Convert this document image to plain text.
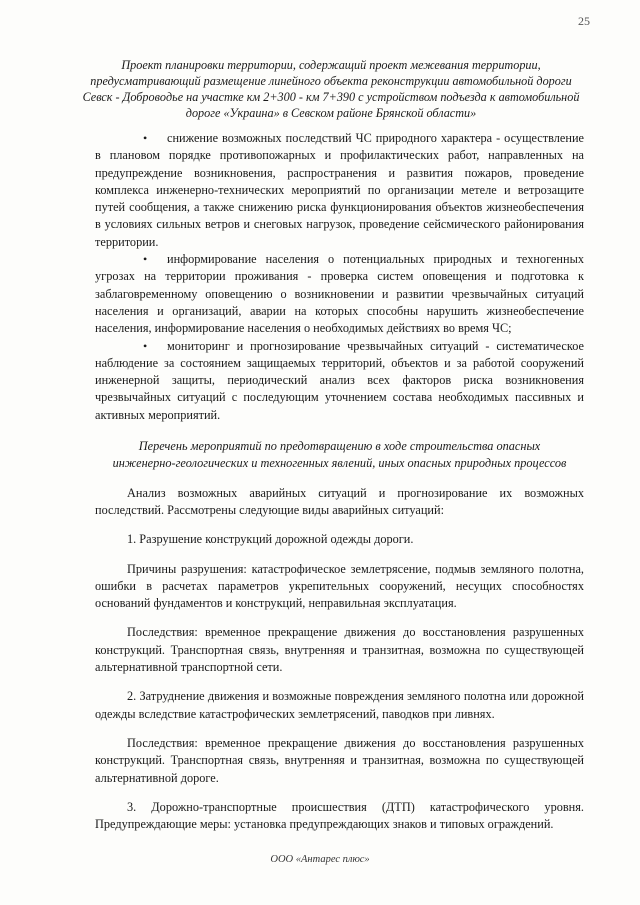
25
Проект планировки территории, содержащий проект межевания территории, предусматривающий размещение линейного объекта реконструкции автомобильной дороги Севск - Добровoдье на участке км 2+300 - км 7+390 с устройством подъезда к автомобильной дороге «Украина» в Севском районе Брянской области»

• снижение возможных последствий ЧС природного характера - осуществление в плановом порядке противопожарных и профилактических работ, направленных на предупреждение возникновения, распространения и развития пожаров, проведение комплекса инженерно-технических мероприятий по организации метеле и ветрозащите путей сообщения, а также снижению риска функционирования объектов жизнеобеспечения в условиях сильных ветров и снеговых нагрузок, проведение сейсмического районирования территории.

• информирование населения о потенциальных природных и техногенных угрозах на территории проживания - проверка систем оповещения и подготовка к заблаговременному оповещению о возникновении и развитии чрезвычайных ситуаций населения и организаций, аварии на которых способны нарушить жизнеобеспечение населения, информирование населения о необходимых действиях во время ЧС;

• мониторинг и прогнозирование чрезвычайных ситуаций - систематическое наблюдение за состоянием защищаемых территорий, объектов и за работой сооружений инженерной защиты, периодический анализ всех факторов риска возникновения чрезвычайных ситуаций с последующим уточнением состава необходимых пассивных и активных мероприятий.

Перечень мероприятий по предотвращению в ходе строительства опасных инженерно-геологических и техногенных явлений, иных опасных природных процессов

Анализ возможных аварийных ситуаций и прогнозирование их возможных последствий. Рассмотрены следующие виды аварийных ситуаций:

1. Разрушение конструкций дорожной одежды дороги.

Причины разрушения: катастрофическое землетрясение, подмыв земляного полотна, ошибки в расчетах параметров укрепительных сооружений, несущих способностях оснований фундаментов и конструкций, неправильная эксплуатация.

Последствия: временное прекращение движения до восстановления разрушенных конструкций. Транспортная связь, внутренняя и транзитная, возможна по существующей альтернативной транспортной сети.

2. Затруднение движения и возможные повреждения земляного полотна или дорожной одежды вследствие катастрофических землетрясений, паводков при ливнях.

Последствия: временное прекращение движения до восстановления разрушенных конструкций. Транспортная связь, внутренняя и транзитная, возможна по существующей альтернативной дороге.

3. Дорожно-транспортные происшествия (ДТП) катастрофического уровня. Предупреждающие меры: установка предупреждающих знаков и типовых ограждений.

ООО «Антарес плюс»
